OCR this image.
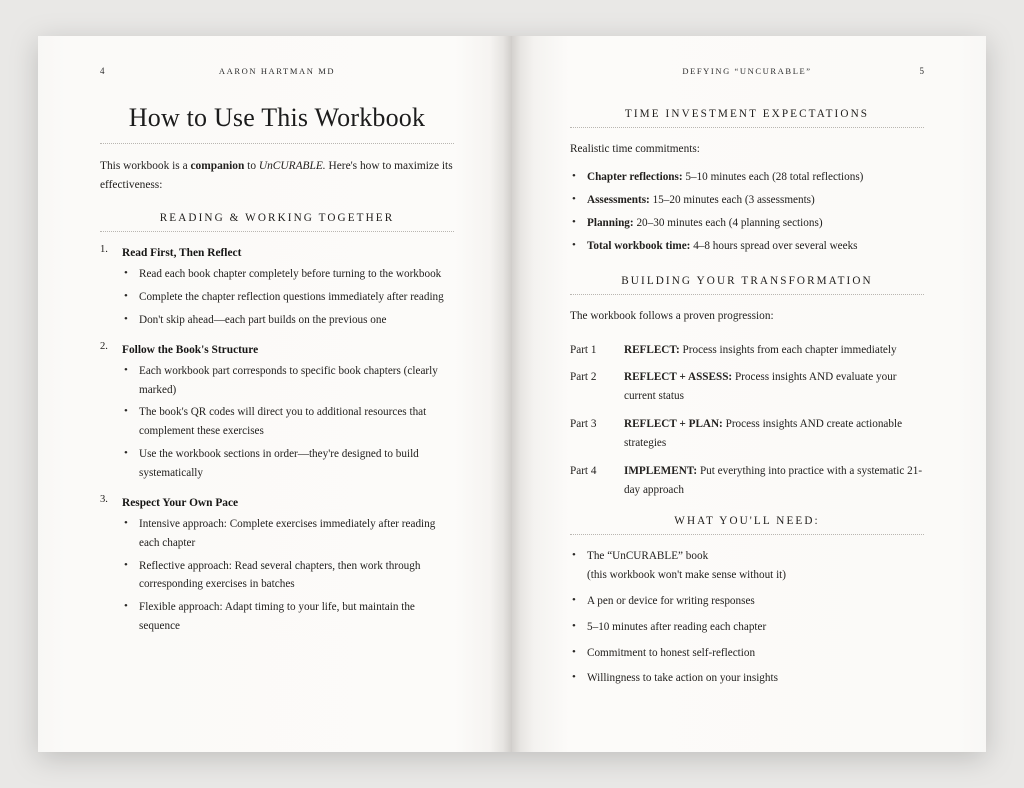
4	AARON HARTMAN MD
How to Use This Workbook

This workbook is a companion to UnCURABLE. Here's how to maximize its effectiveness:

READING & WORKING TOGETHER
1. Read First, Then Reflect
• Read each book chapter completely before turning to the workbook
• Complete the chapter reflection questions immediately after reading
• Don't skip ahead—each part builds on the previous one
2. Follow the Book's Structure
• Each workbook part corresponds to specific book chapters (clearly marked)
• The book's QR codes will direct you to additional resources that complement these exercises
• Use the workbook sections in order—they're designed to build systematically
3. Respect Your Own Pace
• Intensive approach: Complete exercises immediately after reading each chapter
• Reflective approach: Read several chapters, then work through corresponding exercises in batches
• Flexible approach: Adapt timing to your life, but maintain the sequence
DEFYING “UNCURABLE”	5
TIME INVESTMENT EXPECTATIONS

Realistic time commitments:

• Chapter reflections: 5–10 minutes each (28 total reflections)
• Assessments: 15–20 minutes each (3 assessments)
• Planning: 20–30 minutes each (4 planning sections)
• Total workbook time: 4–8 hours spread over several weeks
BUILDING YOUR TRANSFORMATION

The workbook follows a proven progression:

Part 1	REFLECT: Process insights from each chapter immediately
Part 2	REFLECT + ASSESS: Process insights AND evaluate your current status
Part 3	REFLECT + PLAN: Process insights AND create actionable strategies
Part 4	IMPLEMENT: Put everything into practice with a systematic 21-day approach
WHAT YOU'LL NEED:
• The “UnCURABLE” book
(this workbook won't make sense without it)
• A pen or device for writing responses
• 5–10 minutes after reading each chapter
• Commitment to honest self-reflection
• Willingness to take action on your insights
